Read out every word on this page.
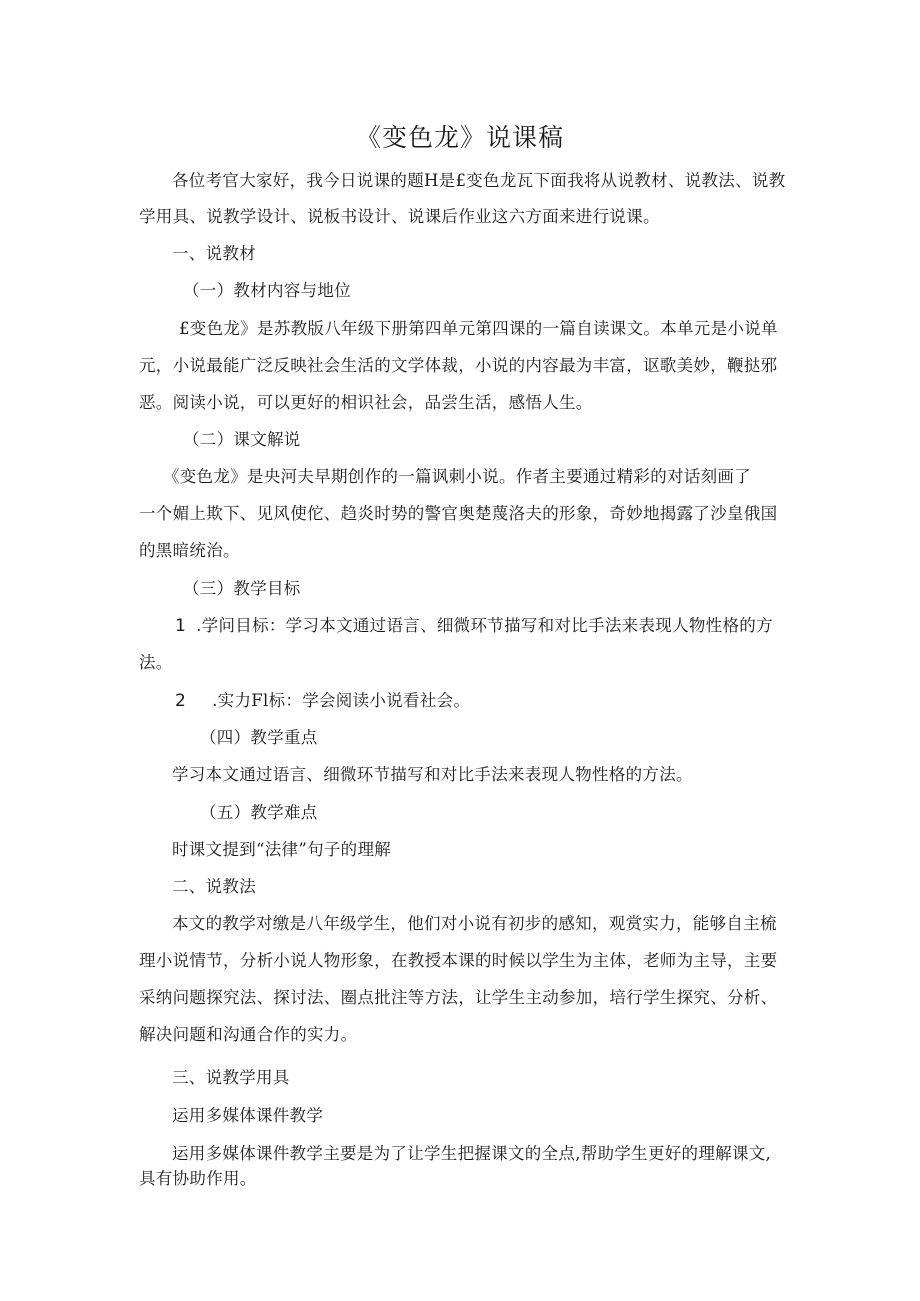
《变色龙》说课稿
各位考官大家好，我今日说课的题H是£变色龙瓦下面我将从说教材、说教法、说教
学用具、说教学设计、说板书设计、说课后作业这六方面来进行说课。
一、说教材
（一）教材内容与地位
£变色龙》是苏教版八年级下册第四单元第四课的一篇自读课文。本单元是小说单
元，小说最能广泛反映社会生活的文学体裁，小说的内容最为丰富，讴歌美妙，鞭挞邪
恶。阅读小说，可以更好的相识社会，品尝生活，感悟人生。
（二）课文解说
《变色龙》是央河夫早期创作的一篇讽刺小说。作者主要通过精彩的对话刻画了
一个媚上欺下、见风使佗、趋炎时势的警官奥楚蔑洛夫的形象，奇妙地揭露了沙皇俄国
的黑暗统治。
（三）教学目标
1 .学问目标：学习本文通过语言、细微环节描写和对比手法来表现人物性格的方
法。
2 .实力Fl标：学会阅读小说看社会。
（四）教学重点
学习本文通过语言、细微环节描写和对比手法来表现人物性格的方法。
（五）教学难点
时课文提到“法律”句子的理解
二、说教法
本文的教学对缴是八年级学生，他们对小说有初步的感知，观赏实力，能够自主梳
理小说情节，分析小说人物形象，在教授本课的时候以学生为主体，老师为主导，主要
采纳问题探究法、探讨法、圈点批注等方法，让学生主动参加，培行学生探究、分析、
解决问题和沟通合作的实力。
三、说教学用具
运用多媒体课件教学
运用多媒体课件教学主要是为了让学生把握课文的全点,帮助学生更好的理解课文,
具有协助作用。
